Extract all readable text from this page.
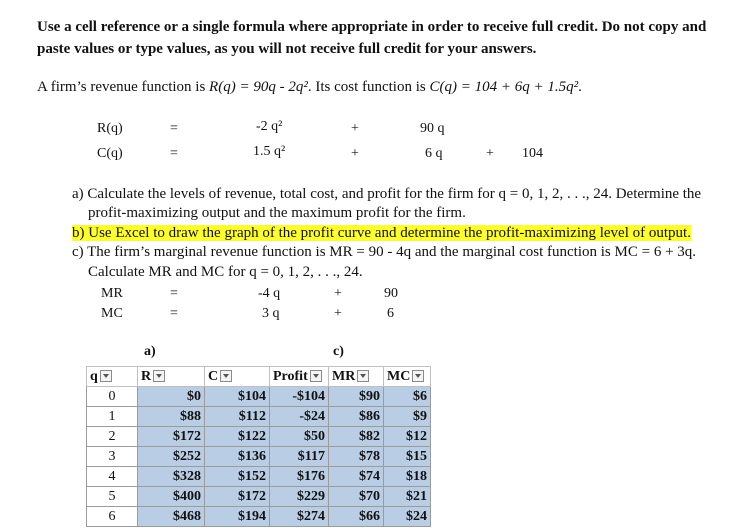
Use a cell reference or a single formula where appropriate in order to receive full credit. Do not copy and paste values or type values, as you will not receive full credit for your answers.
A firm’s revenue function is R(q) = 90q - 2q². Its cost function is C(q) = 104 + 6q + 1.5q².
R(q)	=	-2 q²	+	90 q
C(q)	=	1.5 q²	+	6 q	+ 104
a) Calculate the levels of revenue, total cost, and profit for the firm for q = 0, 1, 2, . . ., 24. Determine the
profit-maximizing output and the maximum profit for the firm.
b) Use Excel to draw the graph of the profit curve and determine the profit-maximizing level of output.
c) The firm’s marginal revenue function is MR = 90 - 4q and the marginal cost function is MC = 6 + 3q.
Calculate MR and MC for q = 0, 1, 2, . . ., 24.
MR	=	-4 q	+	90
MC	=	3 q	+	6
a)	c)
q	R	C	Profit	MR	MC
0	$0	$104	-$104	$90	$6
1	$88	$112	-$24	$86	$9
2	$172	$122	$50	$82	$12
3	$252	$136	$117	$78	$15
4	$328	$152	$176	$74	$18
5	$400	$172	$229	$70	$21
6	$468	$194	$274	$66	$24
